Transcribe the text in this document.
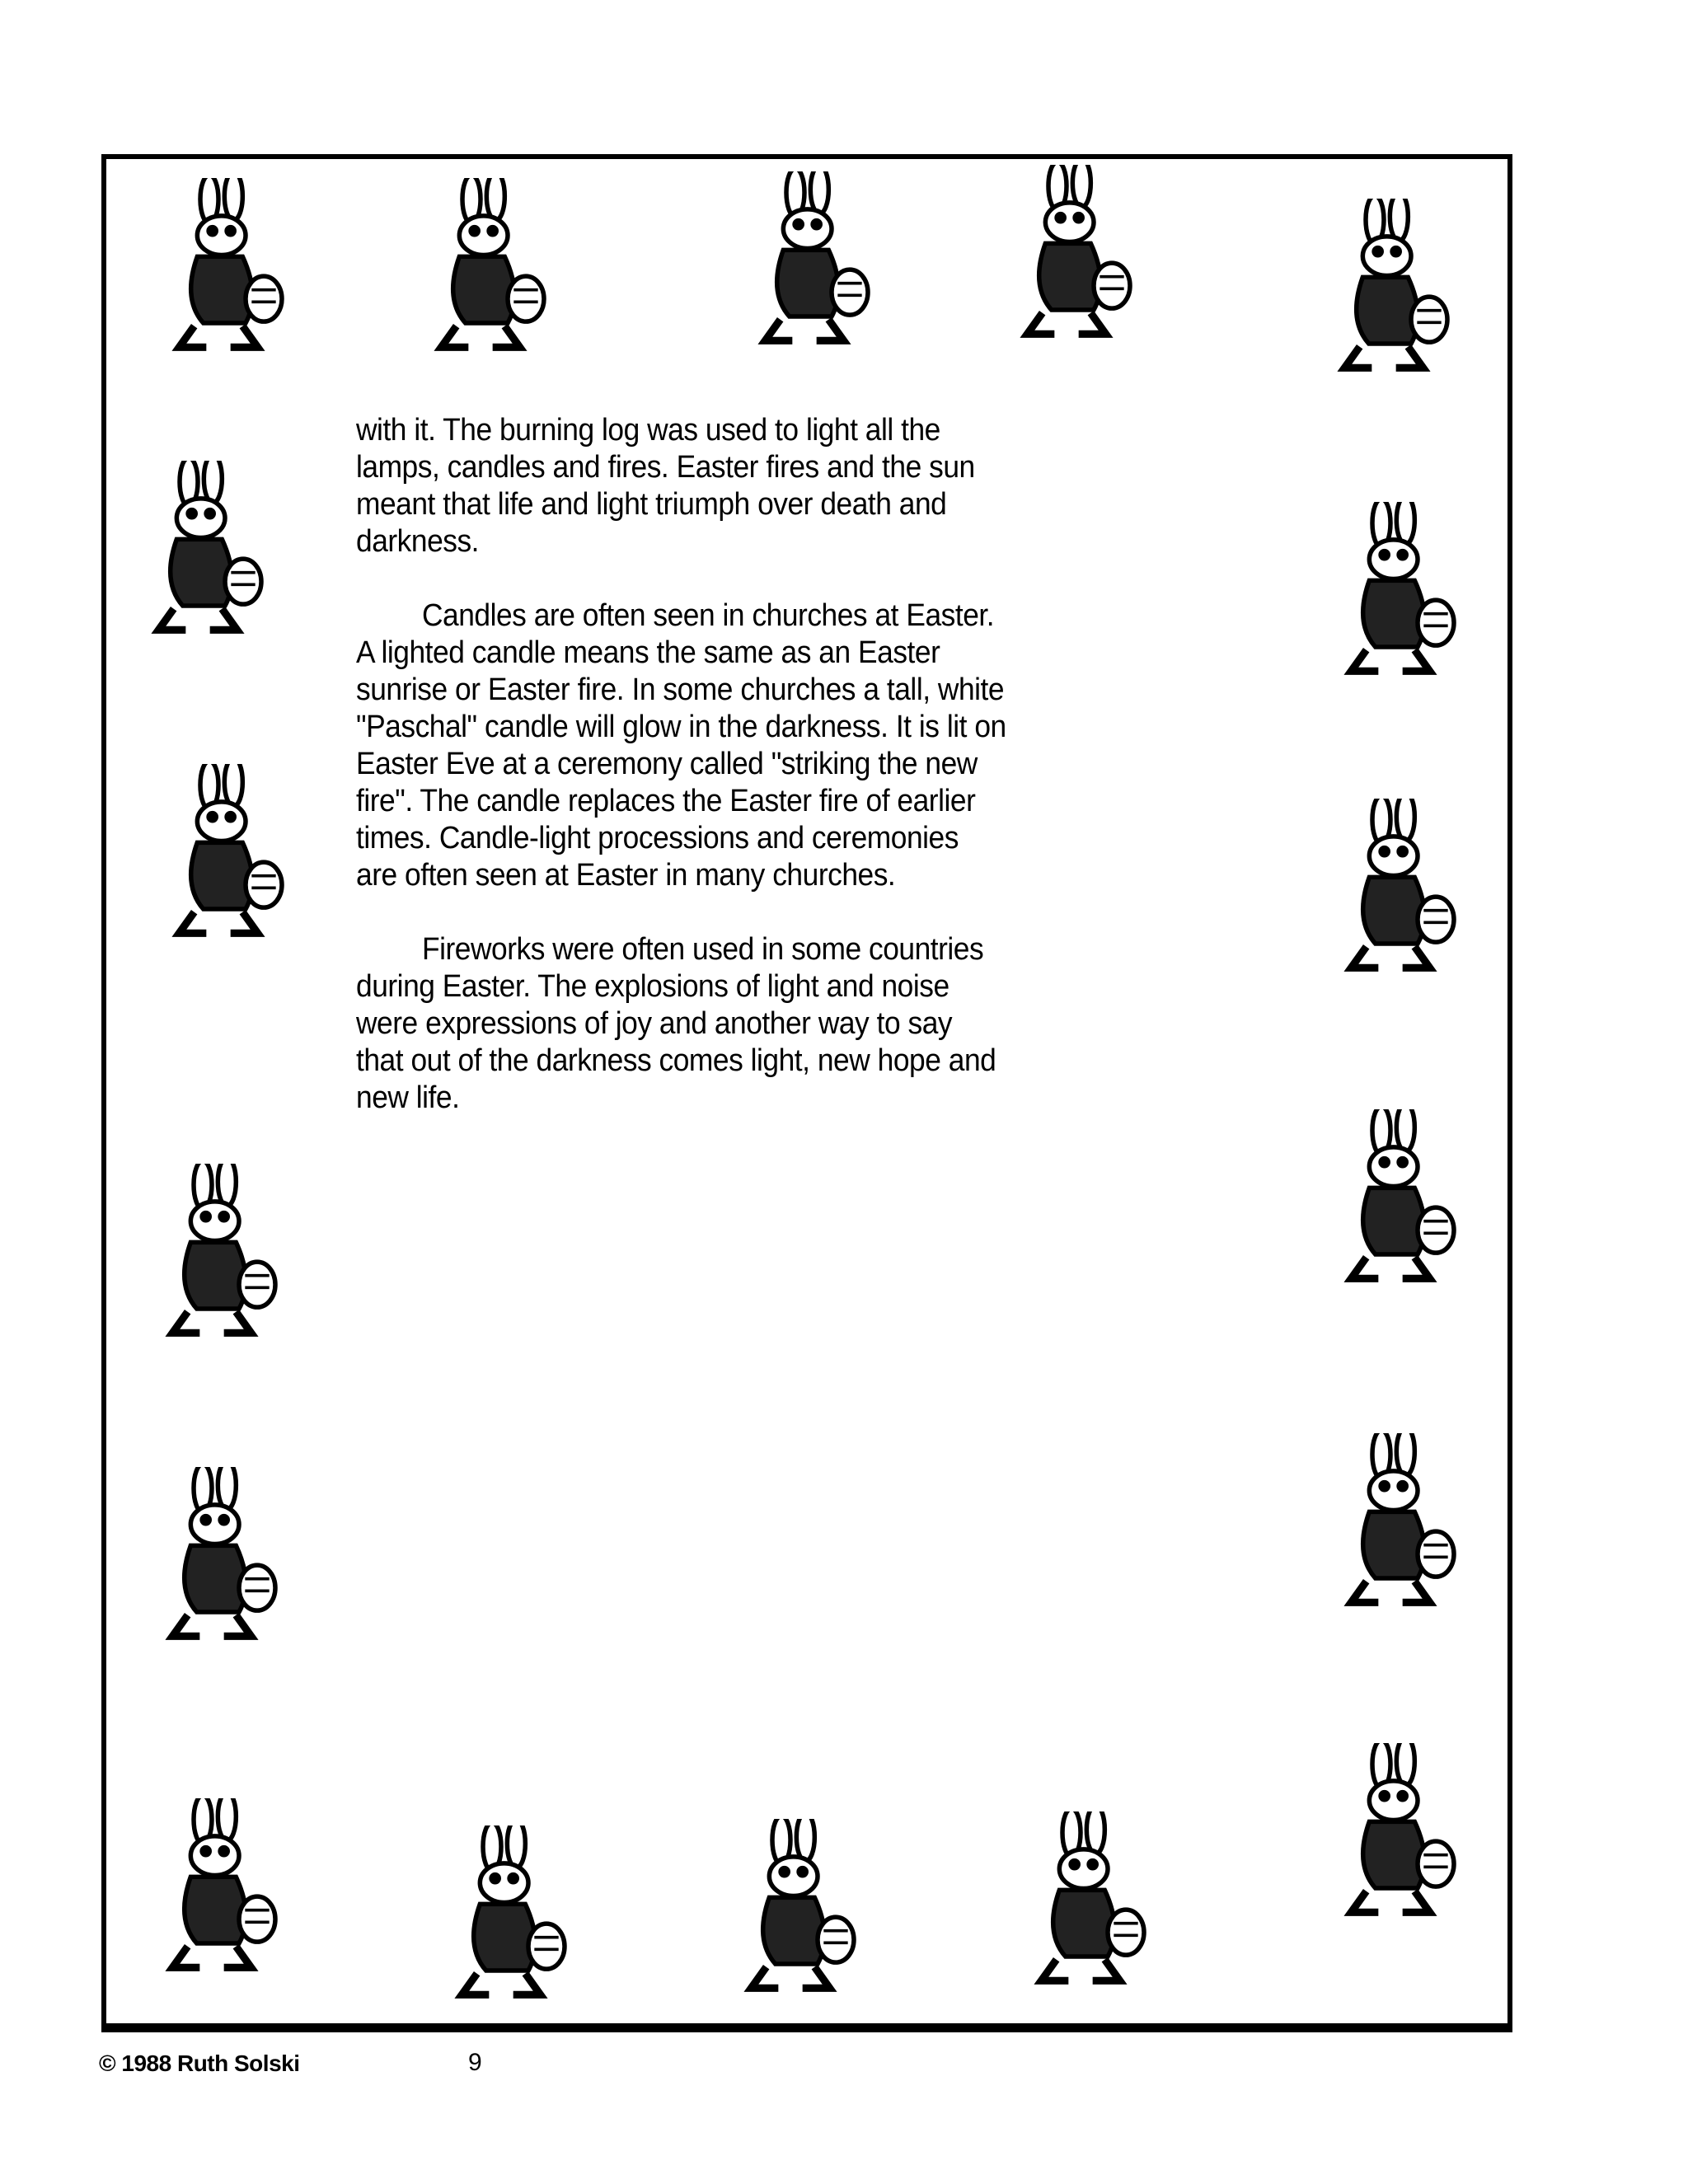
with it. The burning log was used to light all the
lamps, candles and fires. Easter fires and the sun
meant that life and light triumph over death and
darkness.
Candles are often seen in churches at Easter.
A lighted candle means the same as an Easter
sunrise or Easter fire. In some churches a tall, white
"Paschal" candle will glow in the darkness. It is lit on
Easter Eve at a ceremony called "striking the new
fire". The candle replaces the Easter fire of earlier
times. Candle-light processions and ceremonies
are often seen at Easter in many churches.
Fireworks were often used in some countries
during Easter. The explosions of light and noise
were expressions of joy and another way to say
that out of the darkness comes light, new hope and
new life.
© 1988 Ruth Solski	9
